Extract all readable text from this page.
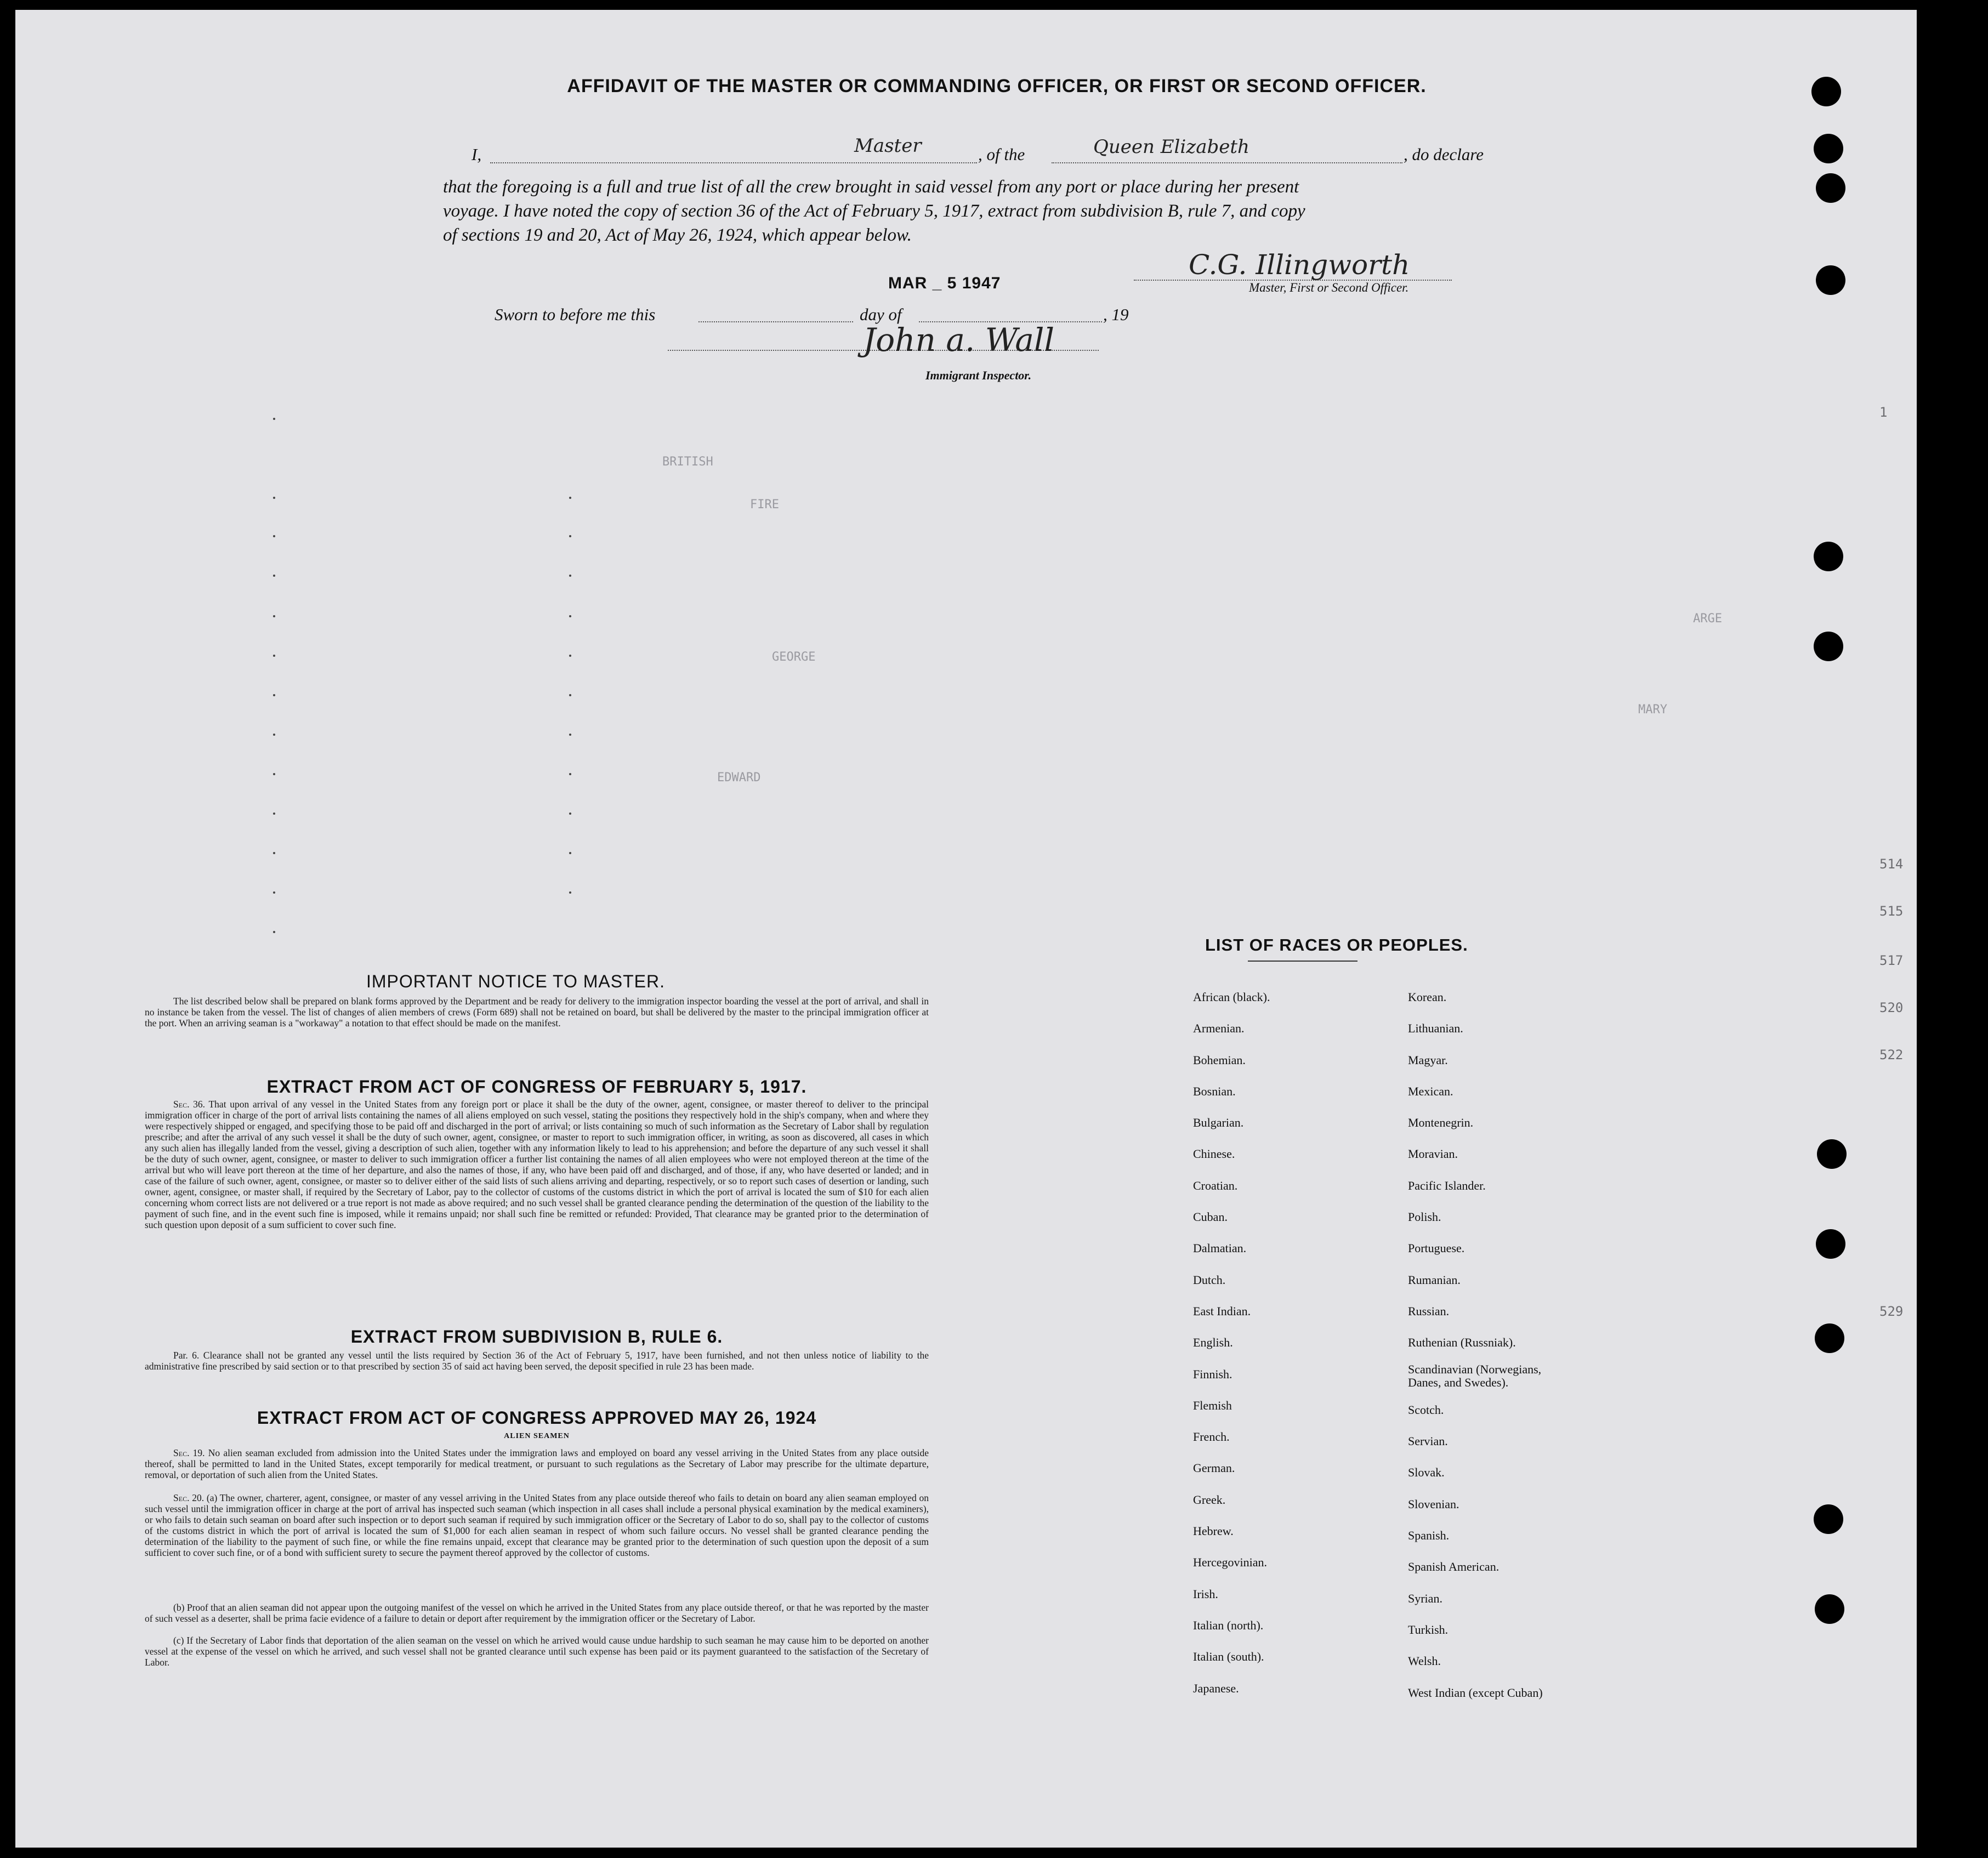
AFFIDAVIT OF THE MASTER OR COMMANDING OFFICER, OR FIRST OR SECOND OFFICER.
I,	Master	, of the	Queen Elizabeth	, do declare
that the foregoing is a full and true list of all the crew brought in said vessel from any port or place during her present
voyage. I have noted the copy of section 36 of the Act of February 5, 1917, extract from subdivision B, rule 7, and copy
of sections 19 and 20, Act of May 26, 1924, which appear below.
MAR _ 5 1947
C.G. Illingworth
Master, First or Second Officer.
Sworn to before me this	day of	, 19
John a. Wall
Immigrant Inspector.
BRITISH
FIRE
GEORGE
EDWARD
ARGE
MARY
1
514
515
517
520
522
529
IMPORTANT NOTICE TO MASTER.
The list described below shall be prepared on blank forms approved by the Department and be ready for delivery to the immigration inspector boarding the vessel at the port of arrival, and shall in no instance be taken from the vessel. The list of changes of alien members of crews (Form 689) shall not be retained on board, but shall be delivered by the master to the principal immigration officer at the port. When an arriving seaman is a "workaway" a notation to that effect should be made on the manifest.
EXTRACT FROM ACT OF CONGRESS OF FEBRUARY 5, 1917.
Sec. 36. That upon arrival of any vessel in the United States from any foreign port or place it shall be the duty of the owner, agent, consignee, or master thereof to deliver to the principal immigration officer in charge of the port of arrival lists containing the names of all aliens employed on such vessel, stating the positions they respectively hold in the ship's company, when and where they were respectively shipped or engaged, and specifying those to be paid off and discharged in the port of arrival; or lists containing so much of such information as the Secretary of Labor shall by regulation prescribe; and after the arrival of any such vessel it shall be the duty of such owner, agent, consignee, or master to report to such immigration officer, in writing, as soon as discovered, all cases in which any such alien has illegally landed from the vessel, giving a description of such alien, together with any information likely to lead to his apprehension; and before the departure of any such vessel it shall be the duty of such owner, agent, consignee, or master to deliver to such immigration officer a further list containing the names of all alien employees who were not employed thereon at the time of the arrival but who will leave port thereon at the time of her departure, and also the names of those, if any, who have been paid off and discharged, and of those, if any, who have deserted or landed; and in case of the failure of such owner, agent, consignee, or master so to deliver either of the said lists of such aliens arriving and departing, respectively, or so to report such cases of desertion or landing, such owner, agent, consignee, or master shall, if required by the Secretary of Labor, pay to the collector of customs of the customs district in which the port of arrival is located the sum of $10 for each alien concerning whom correct lists are not delivered or a true report is not made as above required; and no such vessel shall be granted clearance pending the determination of the question of the liability to the payment of such fine, and in the event such fine is imposed, while it remains unpaid; nor shall such fine be remitted or refunded: Provided, That clearance may be granted prior to the determination of such question upon deposit of a sum sufficient to cover such fine.
EXTRACT FROM SUBDIVISION B, RULE 6.
Par. 6. Clearance shall not be granted any vessel until the lists required by Section 36 of the Act of February 5, 1917, have been furnished, and not then unless notice of liability to the administrative fine prescribed by said section or to that prescribed by section 35 of said act having been served, the deposit specified in rule 23 has been made.
EXTRACT FROM ACT OF CONGRESS APPROVED MAY 26, 1924
ALIEN SEAMEN
Sec. 19. No alien seaman excluded from admission into the United States under the immigration laws and employed on board any vessel arriving in the United States from any place outside thereof, shall be permitted to land in the United States, except temporarily for medical treatment, or pursuant to such regulations as the Secretary of Labor may prescribe for the ultimate departure, removal, or deportation of such alien from the United States.
Sec. 20. (a) The owner, charterer, agent, consignee, or master of any vessel arriving in the United States from any place outside thereof who fails to detain on board any alien seaman employed on such vessel until the immigration officer in charge at the port of arrival has inspected such seaman (which inspection in all cases shall include a personal physical examination by the medical examiners), or who fails to detain such seaman on board after such inspection or to deport such seaman if required by such immigration officer or the Secretary of Labor to do so, shall pay to the collector of customs of the customs district in which the port of arrival is located the sum of $1,000 for each alien seaman in respect of whom such failure occurs. No vessel shall be granted clearance pending the determination of the liability to the payment of such fine, or while the fine remains unpaid, except that clearance may be granted prior to the determination of such question upon the deposit of a sum sufficient to cover such fine, or of a bond with sufficient surety to secure the payment thereof approved by the collector of customs.
(b) Proof that an alien seaman did not appear upon the outgoing manifest of the vessel on which he arrived in the United States from any place outside thereof, or that he was reported by the master of such vessel as a deserter, shall be prima facie evidence of a failure to detain or deport after requirement by the immigration officer or the Secretary of Labor.
(c) If the Secretary of Labor finds that deportation of the alien seaman on the vessel on which he arrived would cause undue hardship to such seaman he may cause him to be deported on another vessel at the expense of the vessel on which he arrived, and such vessel shall not be granted clearance until such expense has been paid or its payment guaranteed to the satisfaction of the Secretary of Labor.
LIST OF RACES OR PEOPLES.
African (black).
Armenian.
Bohemian.
Bosnian.
Bulgarian.
Chinese.
Croatian.
Cuban.
Dalmatian.
Dutch.
East Indian.
English.
Finnish.
Flemish
French.
German.
Greek.
Hebrew.
Hercegovinian.
Irish.
Italian (north).
Italian (south).
Japanese.
Korean.
Lithuanian.
Magyar.
Mexican.
Montenegrin.
Moravian.
Pacific Islander.
Polish.
Portuguese.
Rumanian.
Russian.
Ruthenian (Russniak).
Scandinavian (Norwegians,
Danes, and Swedes).
Scotch.
Servian.
Slovak.
Slovenian.
Spanish.
Spanish American.
Syrian.
Turkish.
Welsh.
West Indian (except Cuban)
